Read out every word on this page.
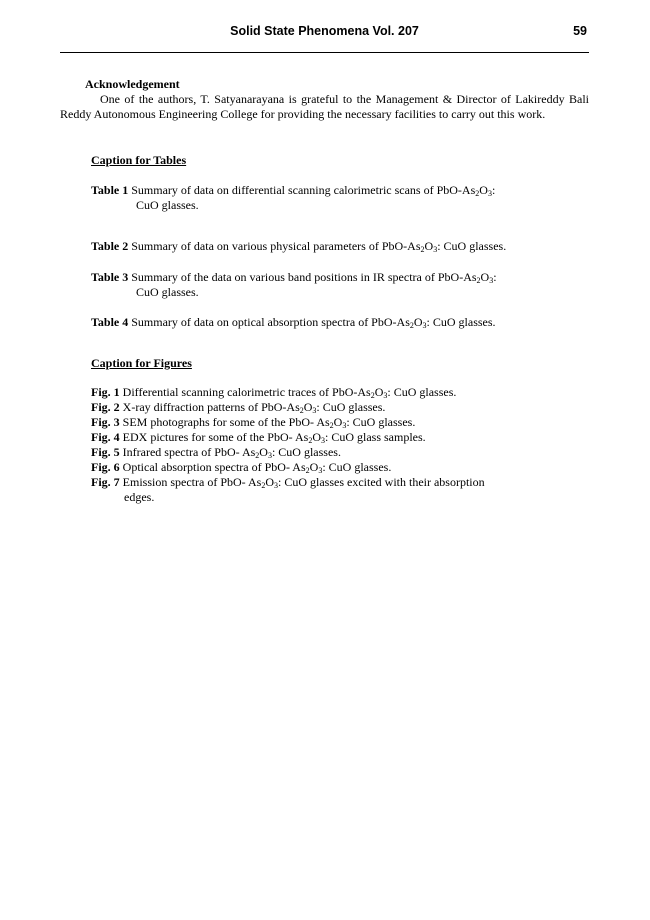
Solid State Phenomena Vol. 207	59
Acknowledgement
One of the authors, T. Satyanarayana is grateful to the Management & Director of Lakireddy Bali Reddy Autonomous Engineering College for providing the necessary facilities to carry out this work.
Caption for Tables
Table 1 Summary of data on differential scanning calorimetric scans of PbO-$As_2O_3$:
CuO glasses.
Table 2 Summary of data on various physical parameters of PbO-$As_2O_3$: CuO glasses.
Table 3 Summary of the data on various band positions in IR spectra of PbO-$As_2O_3$:
CuO glasses.
Table 4 Summary of data on optical absorption spectra of PbO-$As_2O_3$: CuO glasses.
Caption for Figures
Fig. 1 Differential scanning calorimetric traces of PbO-$As_2O_3$: CuO glasses.
Fig. 2 X-ray diffraction patterns of PbO-$As_2O_3$: CuO glasses.
Fig. 3 SEM photographs for some of the PbO- $As_2O_3$: CuO glasses.
Fig. 4 EDX pictures for some of the PbO- $As_2O_3$: CuO glass samples.
Fig. 5 Infrared spectra of PbO- $As_2O_3$: CuO glasses.
Fig. 6 Optical absorption spectra of PbO- $As_2O_3$: CuO glasses.
Fig. 7 Emission spectra of PbO- $As_2O_3$: CuO glasses excited with their absorption
edges.
